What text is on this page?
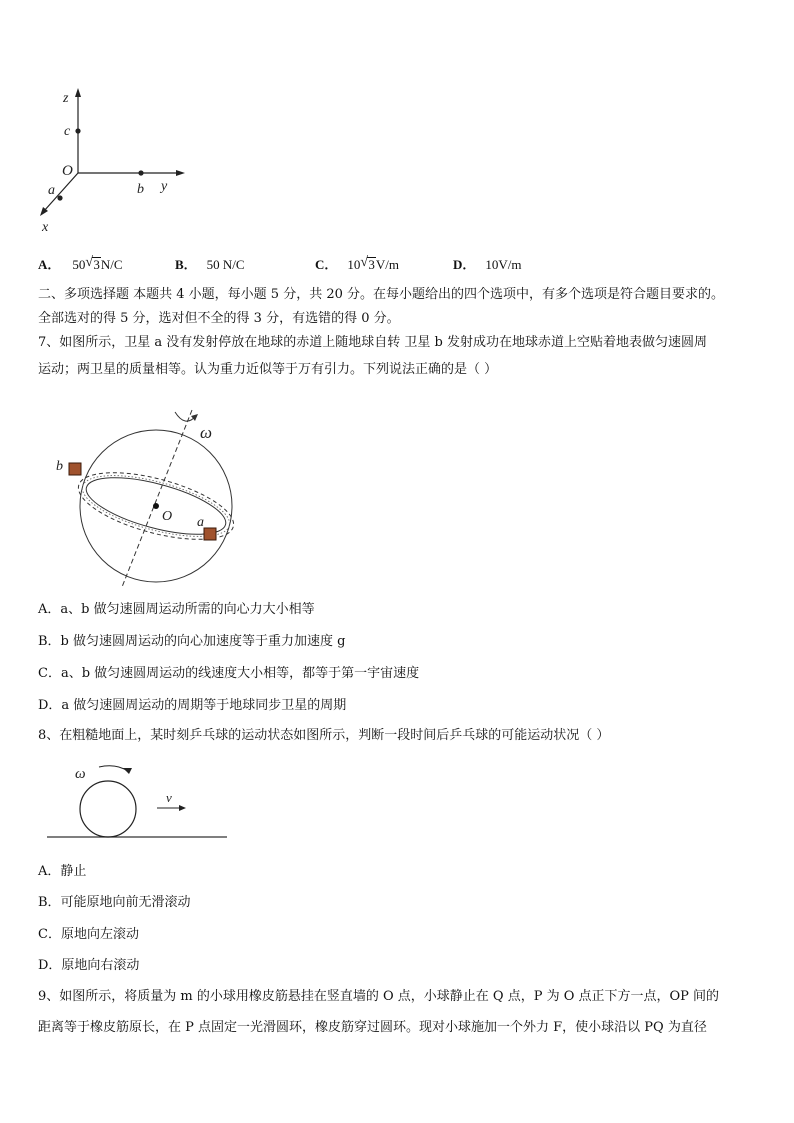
z
c
O
a	b y
x
A． 50 √ 3N/C	B． 50 N/C	C． 10 √ 3V/m	D． 10V/m
二、多项选择题 本题共 4 小题，每小题 5 分，共 20 分。在每小题给出的四个选项中，有多个选项是符合题目要求的。
全部选对的得 5 分，选对但不全的得 3 分，有选错的得 0 分。
7、如图所示，卫星 a 没有发射停放在地球的赤道上随地球自转 卫星 b 发射成功在地球赤道上空贴着地表做匀速圆周
运动；两卫星的质量相等。认为重力近似等于万有引力。下列说法正确的是（ ）
ω
b
O a
A．a、b 做匀速圆周运动所需的向心力大小相等
B．b 做匀速圆周运动的向心加速度等于重力加速度 g
C．a、b 做匀速圆周运动的线速度大小相等，都等于第一宇宙速度
D．a 做匀速圆周运动的周期等于地球同步卫星的周期
8、在粗糙地面上，某时刻乒乓球的运动状态如图所示，判断一段时间后乒乓球的可能运动状况（ ）
ω
v
A．静止
B．可能原地向前无滑滚动
C．原地向左滚动
D．原地向右滚动
9、如图所示，将质量为 m 的小球用橡皮筋悬挂在竖直墙的 O 点，小球静止在 Q 点，P 为 O 点正下方一点，OP 间的
距离等于橡皮筋原长，在 P 点固定一光滑圆环，橡皮筋穿过圆环。现对小球施加一个外力 F，使小球沿以 PQ 为直径
